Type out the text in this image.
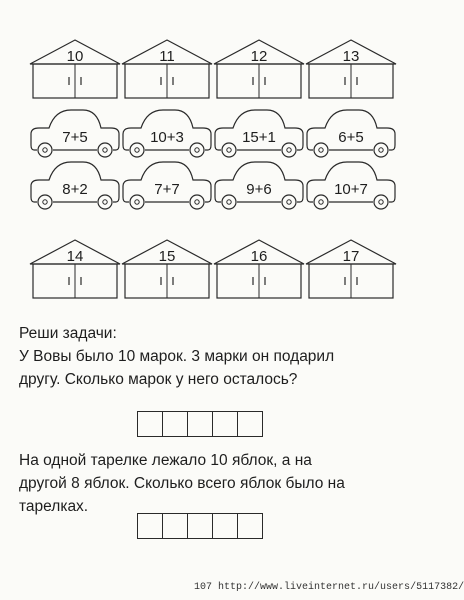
10	11	12	13
7+5	10+3	15+1	6+5
8+2	7+7	9+6	10+7
14	15	16	17
Реши задачи:
У Вовы было 10 марок. 3 марки он подарил
другу. Сколько марок у него осталось?
На одной тарелке лежало 10 яблок, а на
другой 8 яблок. Сколько всего яблок было на
тарелках.
107 http://www.liveinternet.ru/users/5117382/
